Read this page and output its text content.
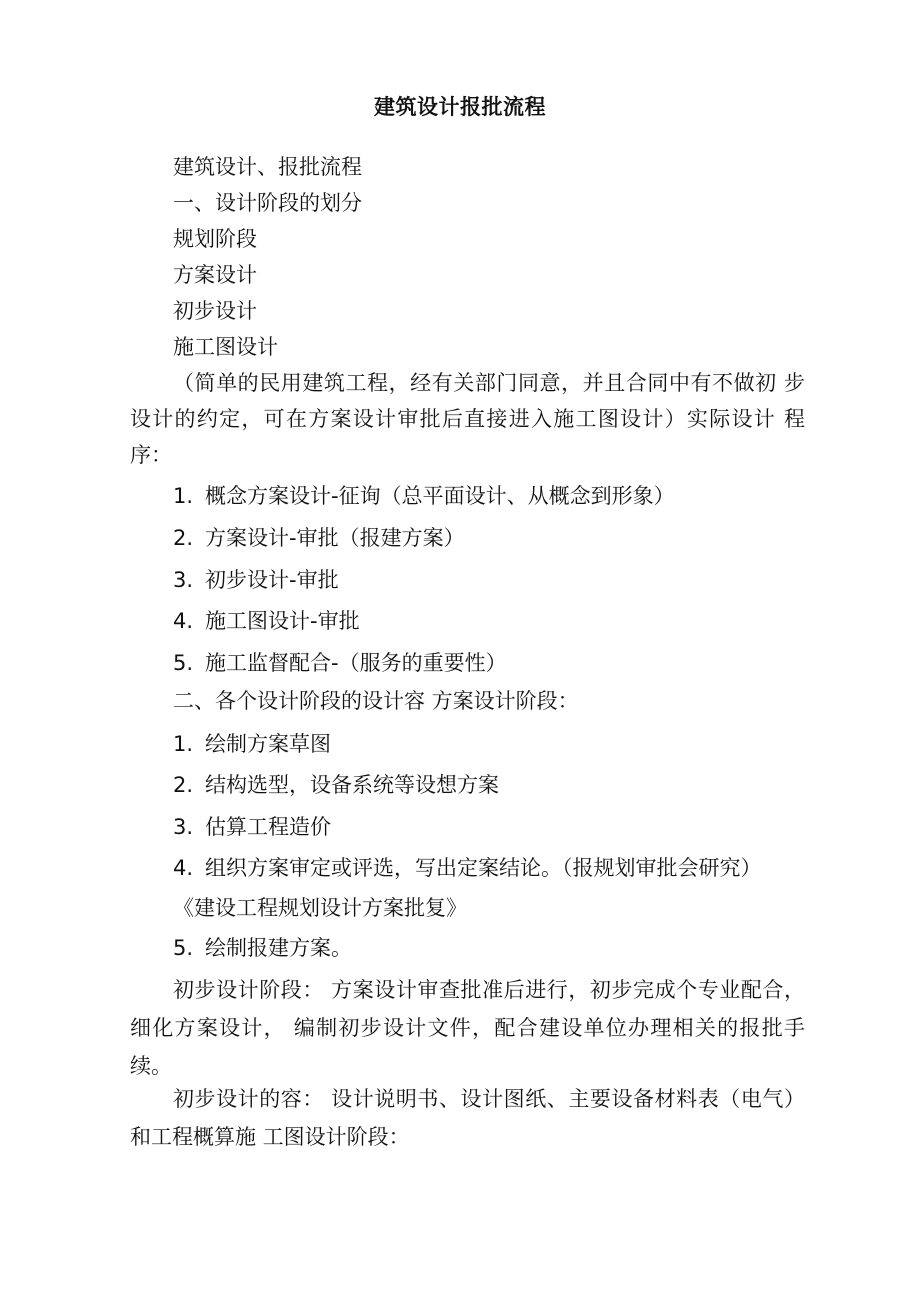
建筑设计报批流程
建筑设计、报批流程
一、设计阶段的划分
规划阶段
方案设计
初步设计
施工图设计
（简单的民用建筑工程，经有关部门同意，并且合同中有不做初 步设计的约定，可在方案设计审批后直接进入施工图设计）实际设计 程序：
1. 概念方案设计-征询（总平面设计、从概念到形象）
2. 方案设计-审批（报建方案）
3. 初步设计-审批
4. 施工图设计-审批
5. 施工监督配合-（服务的重要性）
二、各个设计阶段的设计容 方案设计阶段：
1. 绘制方案草图
2. 结构选型，设备系统等设想方案
3. 估算工程造价
4. 组织方案审定或评选，写出定案结论。（报规划审批会研究） 《建设工程规划设计方案批复》
5. 绘制报建方案。
初步设计阶段： 方案设计审查批准后进行，初步完成个专业配合，细化方案设计， 编制初步设计文件，配合建设单位办理相关的报批手续。
初步设计的容： 设计说明书、设计图纸、主要设备材料表（电气）和工程概算施 工图设计阶段：
